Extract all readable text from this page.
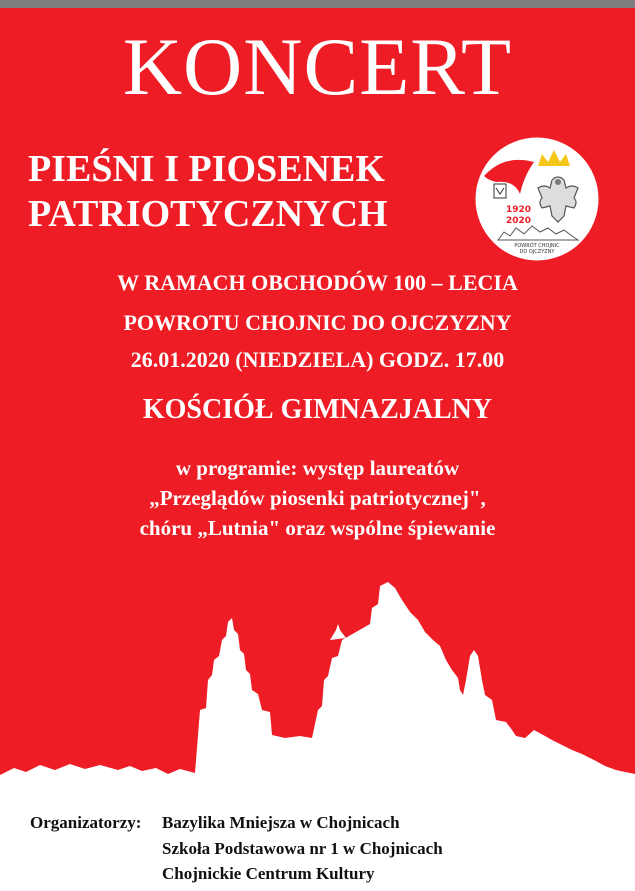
KONCERT
PIEŚNI I PIOSENEK
PATRIOTYCZNYCH	1920
2020
POWRÓT CHOJNIC
DO OJCZYZNY
W RAMACH OBCHODÓW 100 – LECIA
POWROTU CHOJNIC DO OJCZYZNY
26.01.2020 (NIEDZIELA) GODZ. 17.00
KOŚCIÓŁ GIMNAZJALNY
w programie: występ laureatów
„Przeglądów piosenki patriotycznej",
chóru „Lutnia" oraz wspólne śpiewanie
Organizatorzy: Bazylika Mniejsza w Chojnicach
Szkoła Podstawowa nr 1 w Chojnicach
Chojnickie Centrum Kultury
